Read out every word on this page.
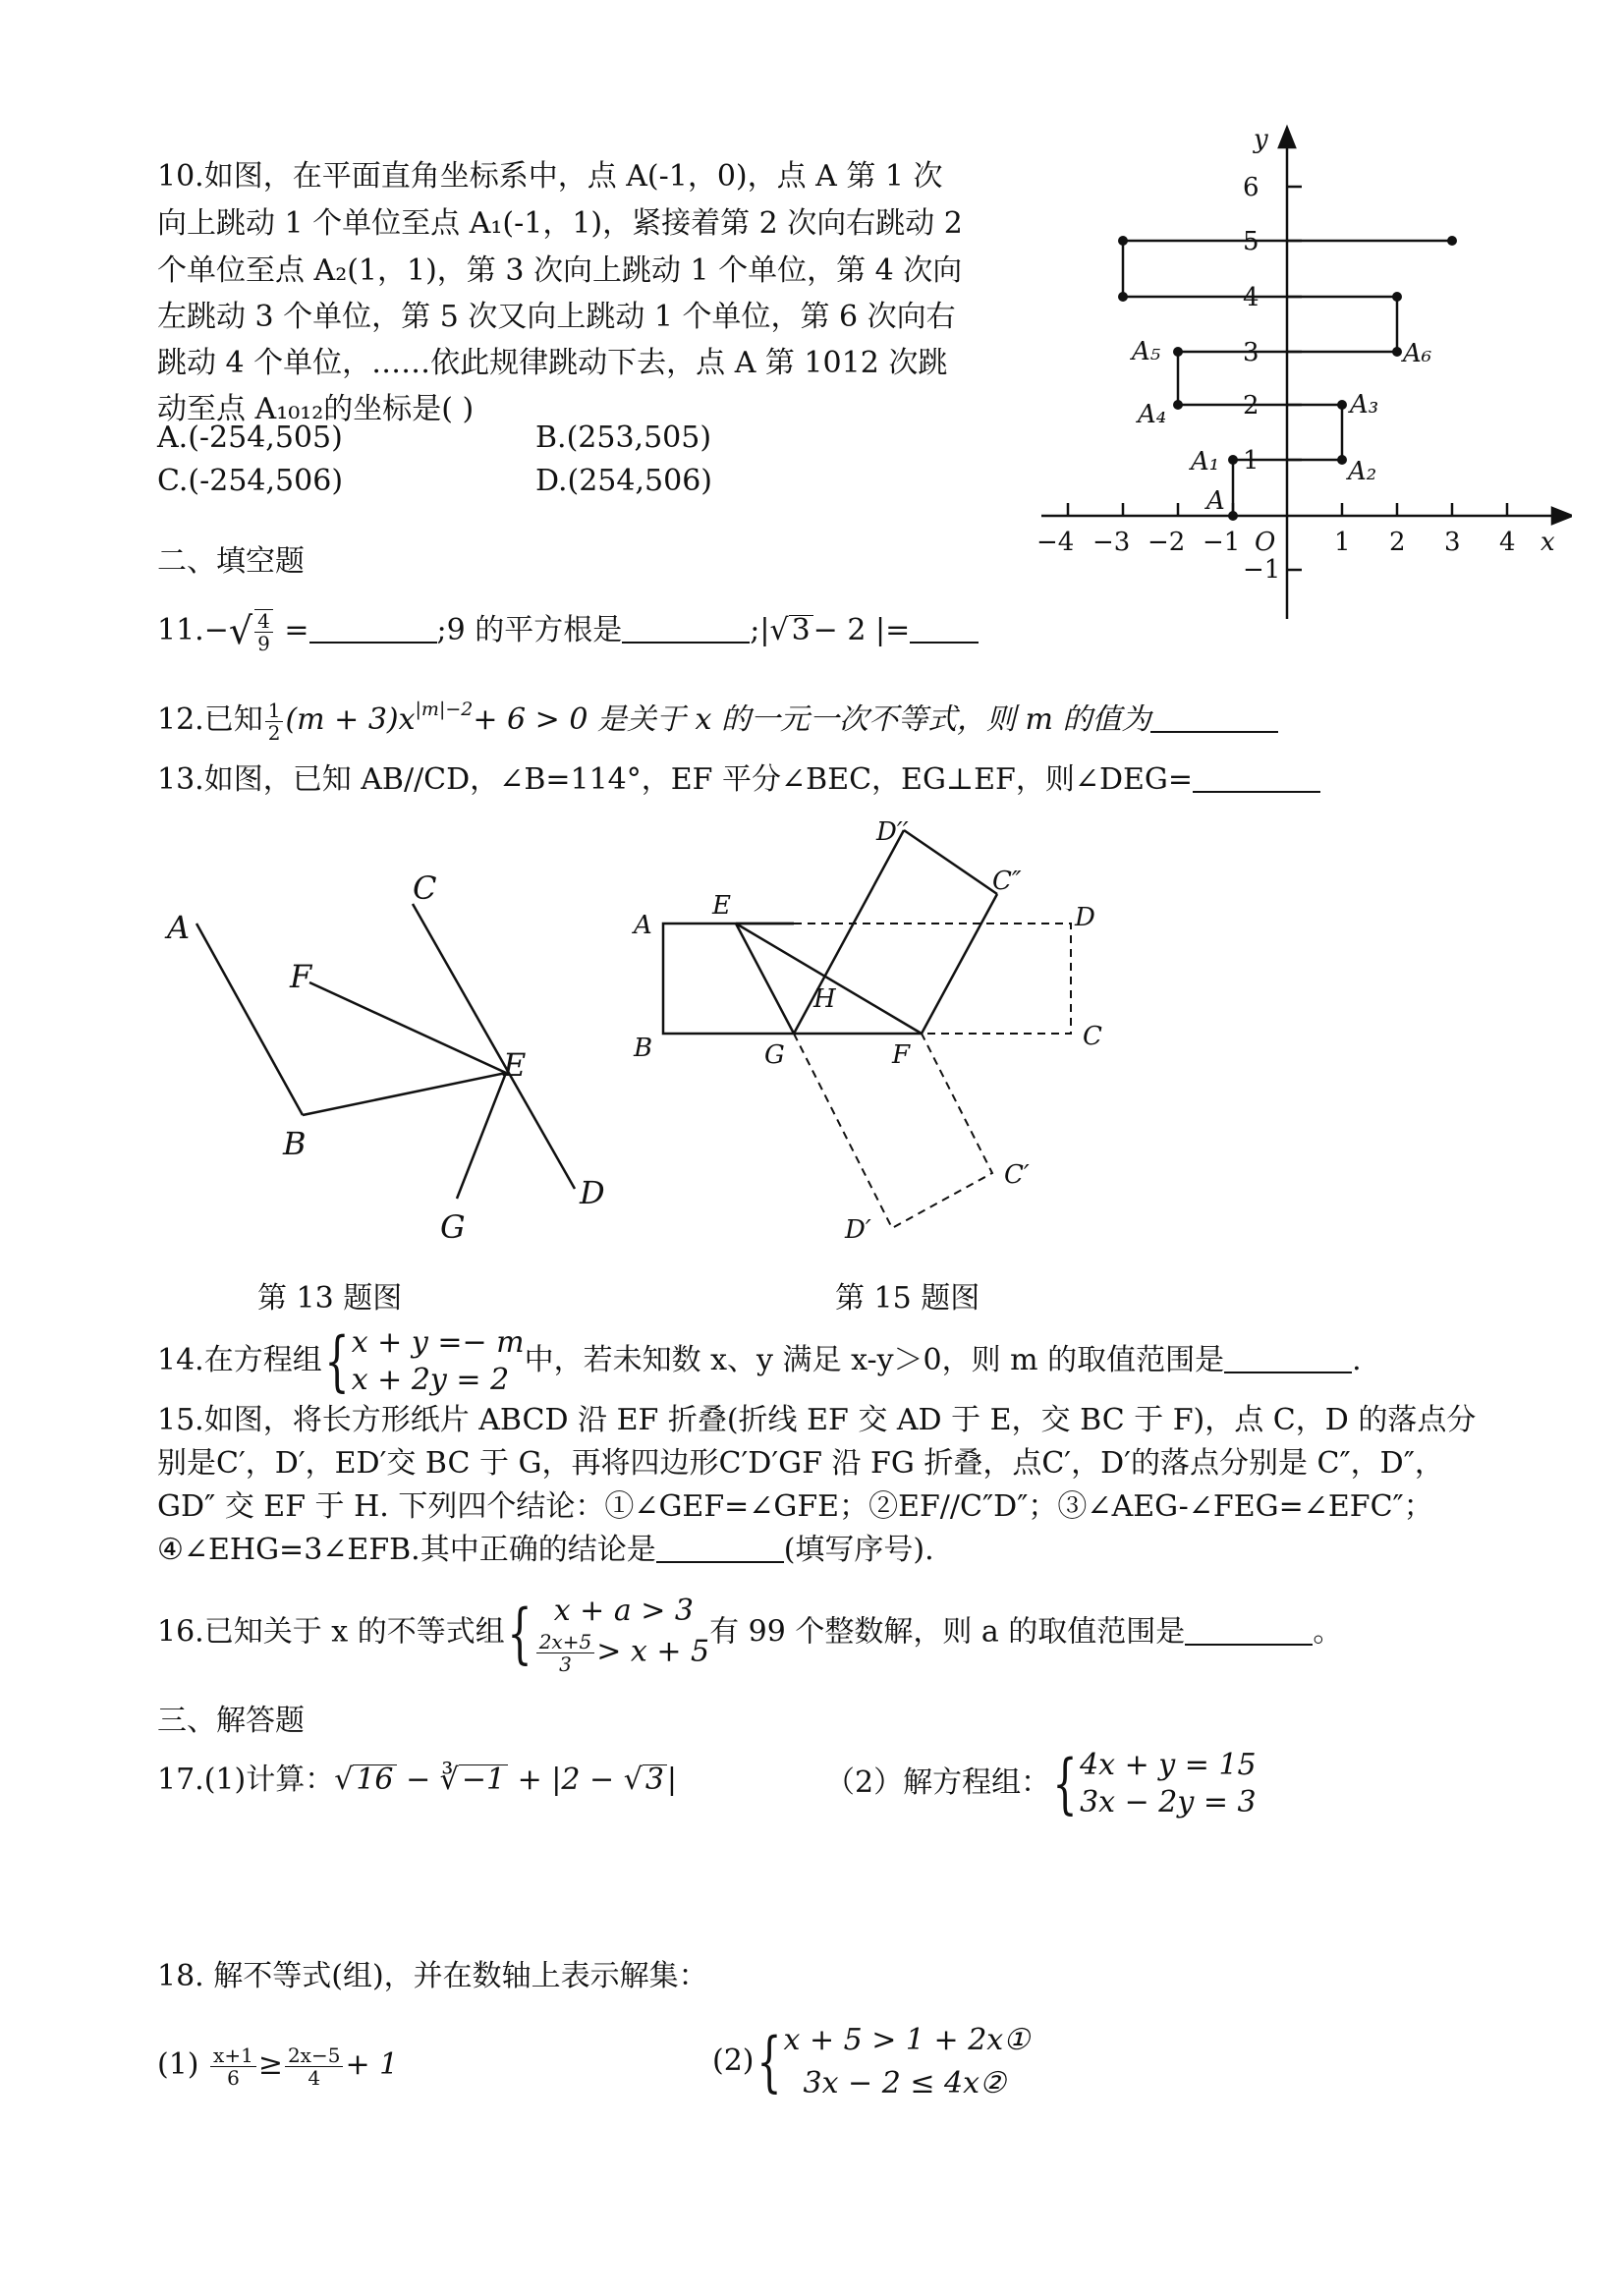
10.如图，在平面直角坐标系中，点 A(-1，0)，点 A 第 1 次
向上跳动 1 个单位至点 A₁(-1，1)，紧接着第 2 次向右跳动 2
个单位至点 A₂(1，1)，第 3 次向上跳动 1 个单位，第 4 次向
左跳动 3 个单位，第 5 次又向上跳动 1 个单位，第 6 次向右
跳动 4 个单位，……依此规律跳动下去，点 A 第 1012 次跳
动至点 A₁₀₁₂的坐标是( )
A.(-254,505)	B.(253,505)
C.(-254,506)	D.(254,506)
y
x
O
6
5
4
3
2
1
−1
−4 −3 −2 −1	1 2 3 4
A
A₁	A₂
A₃
A₄
A₅	A₆
二、填空题
$11.-√ \frac{4}{9}$ =	;9 的平方根是	;|√ 3 − 2 |=
12.已知 $\frac{1}{2} (m + 3)x^{|m|-2}+ 6 > 0$ 是关于 x 的一元一次不等式，则 m 的值为
13.如图，已知 AB//CD，∠B=114°，EF 平分∠BEC，EG⊥EF，则∠DEG=
A
B
C
D
E
F
G
第 13 题图
A
B	C
D
E
F
G
H
C′
D′
C″
D′′
第 15 题图
14.在方程组{ x + y =− m
x + 2y = 2
中，若未知数 x、y 满足 x-y＞0，则 m 的取值范围是	.
15.如图，将长方形纸片 ABCD 沿 EF 折叠(折线 EF 交 AD 于 E，交 BC 于 F)，点 C，D 的落点分
别是C′，D′，ED′交 BC 于 G，再将四边形C′D′GF 沿 FG 折叠，点C′，D′的落点分别是 C″，D″，
GD″ 交 EF 于 H. 下列四个结论：①∠GEF=∠GFE；②EF//C″D″；③∠AEG-∠FEG=∠EFC″；
④∠EHG=3∠EFB.其中正确的结论是	(填写序号).
16.已知关于 x 的不等式组{ x + a > 3
$\frac{2x+5}{3} > x + 5$
有 99 个整数解，则 a 的取值范围是	。
三、解答题
17.(1)计算：√ 16 − ∛ −1 + |2 − √ 3 |	（2）解方程组：{ 4x + y = 15
3x − 2y = 3
18. 解不等式(组)，并在数轴上表示解集：
$(1) \frac{x+1}{6} \ge \frac{2x-5}{4} + 1$	(2){ x + 5 > 1 + 2x①
3x − 2 ≤ 4x②
